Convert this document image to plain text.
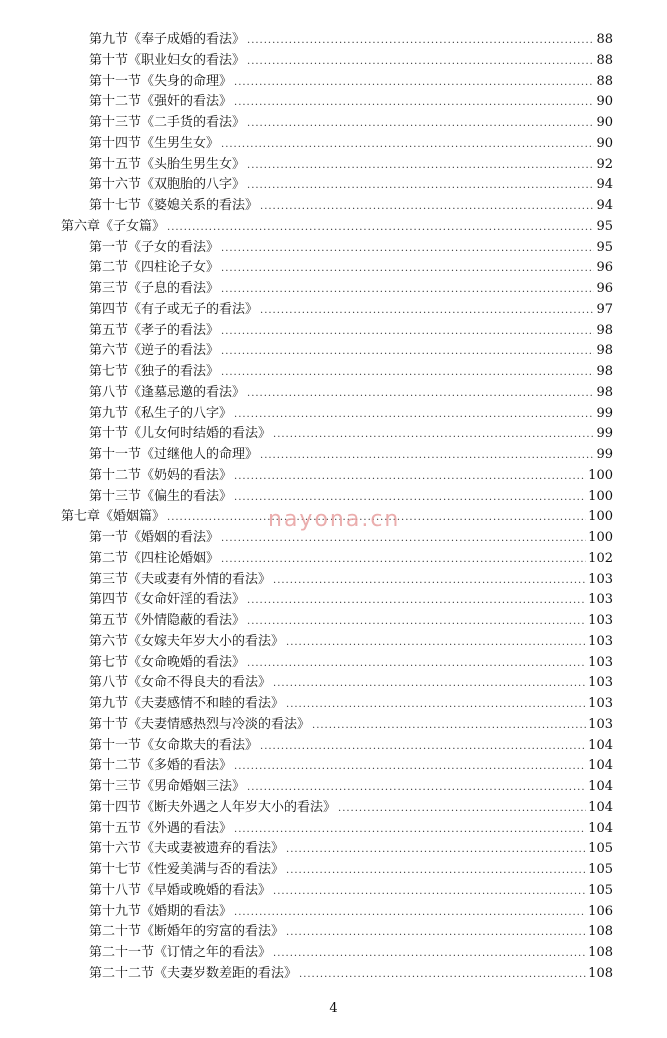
第九节《奉子成婚的看法》 .....	88
第十节《职业妇女的看法》 .....	88
第十一节《失身的命理》 .....	88
第十二节《强奸的看法》 .....	90
第十三节《二手货的看法》 .....	90
第十四节《生男生女》 .....	90
第十五节《头胎生男生女》 .....	92
第十六节《双胞胎的八字》 .....	94
第十七节《婆媳关系的看法》 .....	94
第六章《子女篇》 .....	95
第一节《子女的看法》 .....	95
第二节《四柱论子女》 .....	96
第三节《子息的看法》 .....	96
第四节《有子或无子的看法》 .....	97
第五节《孝子的看法》 .....	98
第六节《逆子的看法》 .....	98
第七节《独子的看法》 .....	98
第八节《逢墓忌邀的看法》 .....	98
第九节《私生子的八字》 .....	99
第十节《儿女何时结婚的看法》 .....	99
第十一节《过继他人的命理》 .....	99
第十二节《奶妈的看法》 .....	100
第十三节《偏生的看法》 .....	100
第七章《婚姻篇》 .....	100
第一节《婚姻的看法》 .....	100
第二节《四柱论婚姻》 .....	102
第三节《夫或妻有外情的看法》 .....	103
第四节《女命奸淫的看法》 .....	103
第五节《外情隐蔽的看法》 .....	103
第六节《女嫁夫年岁大小的看法》 .....	103
第七节《女命晚婚的看法》 .....	103
第八节《女命不得良夫的看法》 .....	103
第九节《夫妻感情不和睦的看法》 .....	103
第十节《夫妻情感热烈与冷淡的看法》 .....	103
第十一节《女命欺夫的看法》 .....	104
第十二节《多婚的看法》 .....	104
第十三节《男命婚姻三法》 .....	104
第十四节《断夫外遇之人年岁大小的看法》 .....	104
第十五节《外遇的看法》 .....	104
第十六节《夫或妻被遗弃的看法》 .....	105
第十七节《性爱美满与否的看法》 .....	105
第十八节《早婚或晚婚的看法》 .....	105
第十九节《婚期的看法》 .....	106
第二十节《断婚年的穷富的看法》 .....	108
第二十一节《订情之年的看法》 .....	108
第二十二节《夫妻岁数差距的看法》 .....	108
nayona.cn
4
